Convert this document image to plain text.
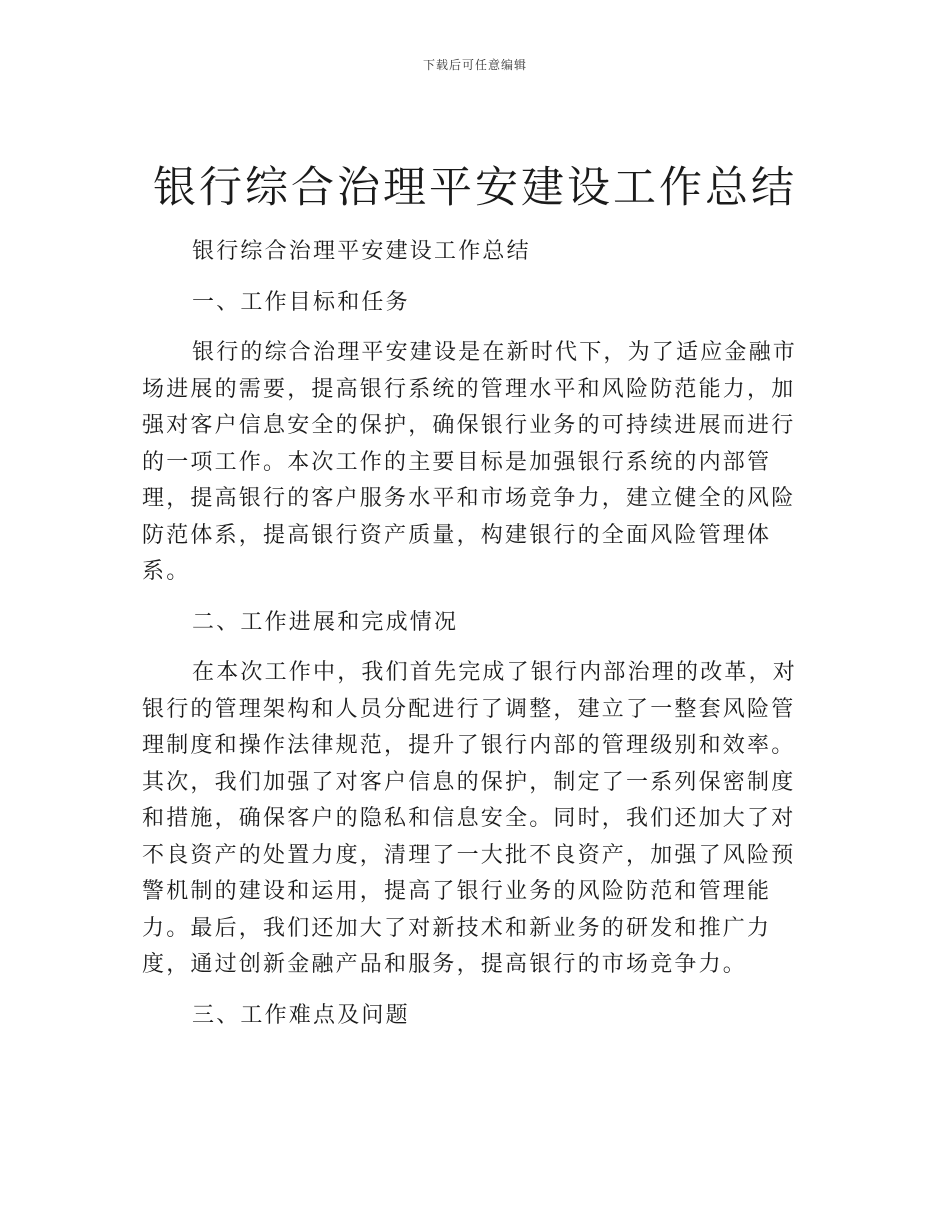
下载后可任意编辑
银行综合治理平安建设工作总结

银行综合治理平安建设工作总结

一、工作目标和任务

银行的综合治理平安建设是在新时代下，为了适应金融市场进展的需要，提高银行系统的管理水平和风险防范能力，加强对客户信息安全的保护，确保银行业务的可持续进展而进行的一项工作。本次工作的主要目标是加强银行系统的内部管理，提高银行的客户服务水平和市场竞争力，建立健全的风险防范体系，提高银行资产质量，构建银行的全面风险管理体系。

二、工作进展和完成情况

在本次工作中，我们首先完成了银行内部治理的改革，对银行的管理架构和人员分配进行了调整，建立了一整套风险管理制度和操作法律规范，提升了银行内部的管理级别和效率。其次，我们加强了对客户信息的保护，制定了一系列保密制度和措施，确保客户的隐私和信息安全。同时，我们还加大了对不良资产的处置力度，清理了一大批不良资产，加强了风险预警机制的建设和运用，提高了银行业务的风险防范和管理能力。最后，我们还加大了对新技术和新业务的研发和推广力度，通过创新金融产品和服务，提高银行的市场竞争力。

三、工作难点及问题
